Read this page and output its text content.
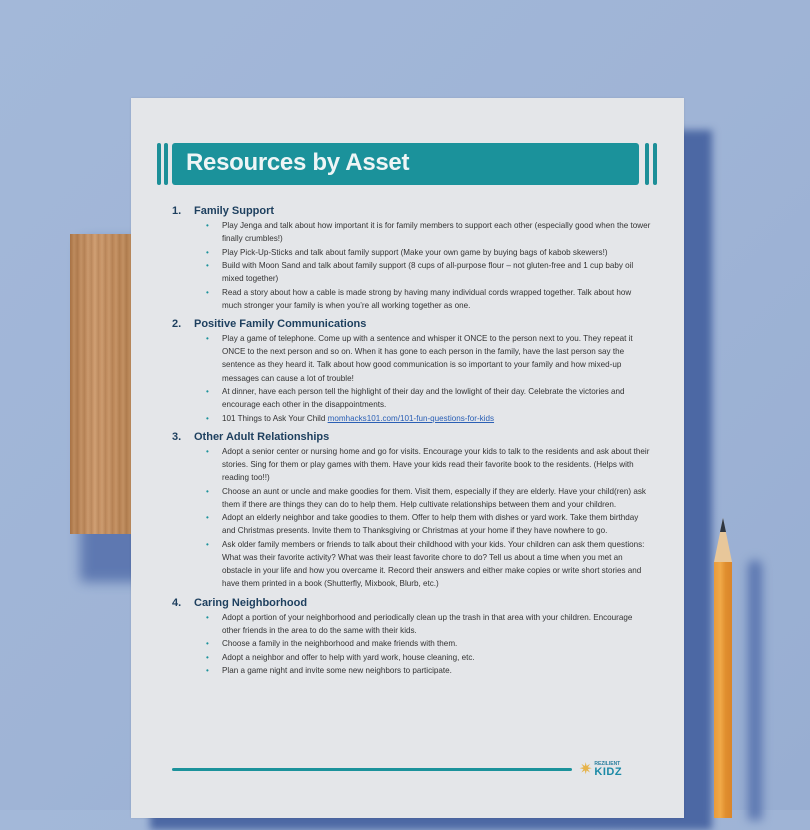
Resources by Asset
1.	Family Support
• Play Jenga and talk about how important it is for family members to support each other (especially good when the tower finally crumbles!)
• Play Pick-Up-Sticks and talk about family support (Make your own game by buying bags of kabob skewers!)
• Build with Moon Sand and talk about family support (8 cups of all-purpose flour – not gluten-free and 1 cup baby oil mixed together)
• Read a story about how a cable is made strong by having many individual cords wrapped together. Talk about how much stronger your family is when you’re all working together as one.
2.	Positive Family Communications
• Play a game of telephone. Come up with a sentence and whisper it ONCE to the person next to you. They repeat it ONCE to the next person and so on. When it has gone to each person in the family, have the last person say the sentence as they heard it. Talk about how good communication is so important to your family and how mixed-up messages can cause a lot of trouble!
• At dinner, have each person tell the highlight of their day and the lowlight of their day. Celebrate the victories and encourage each other in the disappointments.
• 101 Things to Ask Your Child momhacks101.com/101-fun-questions-for-kids
3.	Other Adult Relationships
• Adopt a senior center or nursing home and go for visits. Encourage your kids to talk to the residents and ask about their stories. Sing for them or play games with them. Have your kids read their favorite book to the residents. (Helps with reading too!!)
• Choose an aunt or uncle and make goodies for them. Visit them, especially if they are elderly. Have your child(ren) ask them if there are things they can do to help them. Help cultivate relationships between them and your children.
• Adopt an elderly neighbor and take goodies to them. Offer to help them with dishes or yard work. Take them birthday and Christmas presents. Invite them to Thanksgiving or Christmas at your home if they have nowhere to go.
• Ask older family members or friends to talk about their childhood with your kids. Your children can ask them questions: What was their favorite activity? What was their least favorite chore to do? Tell us about a time when you met an obstacle in your life and how you overcame it. Record their answers and either make copies or write short stories and have them printed in a book (Shutterfly, Mixbook, Blurb, etc.)
4.	Caring Neighborhood
• Adopt a portion of your neighborhood and periodically clean up the trash in that area with your children. Encourage other friends in the area to do the same with their kids.
• Choose a family in the neighborhood and make friends with them.
• Adopt a neighbor and offer to help with yard work, house cleaning, etc.
• Plan a game night and invite some new neighbors to participate.
✷ REZILIENT
KIDZ
